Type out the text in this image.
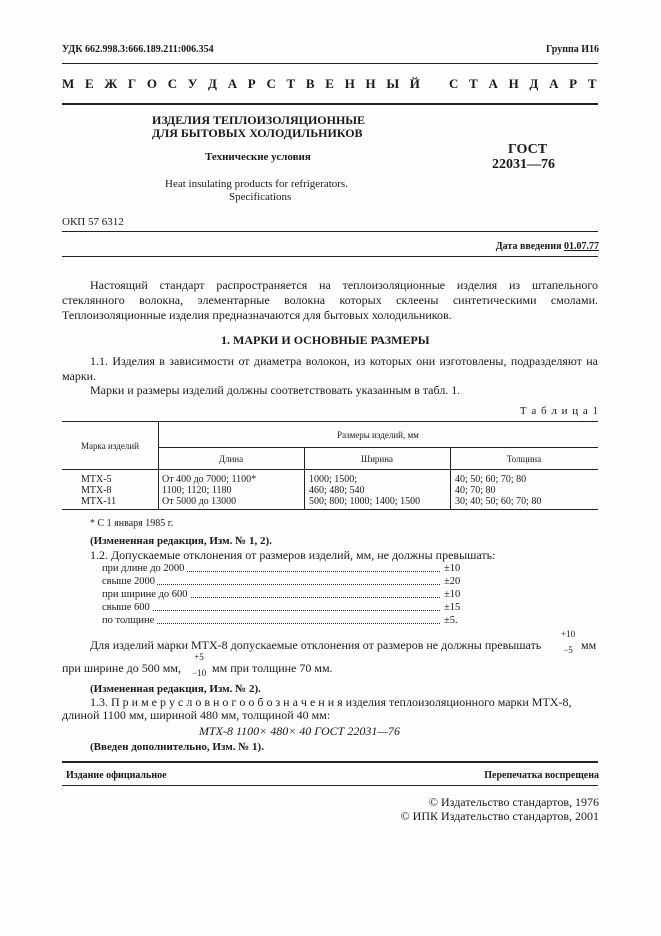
УДК 662.998.3:666.189.211:006.354	Группа И16
М Е Ж Г О С У Д А Р С Т В Е Н Н Ы Й   С Т А Н Д А Р Т
ИЗДЕЛИЯ ТЕПЛОИЗОЛЯЦИОННЫЕ
ДЛЯ БЫТОВЫХ ХОЛОДИЛЬНИКОВ
Технические условия
Heat insulating products for refrigerators.
Specifications
ГОСТ
22031—76
ОКП 57 6312
Дата введения 01.07.77
Настоящий стандарт распространяется на теплоизоляционные изделия из штапельного стеклянного волокна, элементарные волокна которых склеены синтетическими смолами. Теплоизоляционные изделия предназначаются для бытовых холодильников.
1. МАРКИ И ОСНОВНЫЕ РАЗМЕРЫ
1.1. Изделия в зависимости от диаметра волокон, из которых они изготовлены, подразделяют на марки.
Марки и размеры изделий должны соответствовать указанным в табл. 1.
Т а б л и ц а 1
Марка изделий
Размеры изделий, мм
Длина	Ширина	Толщина
МТХ-5	От 400 до 7000; 1100*	1000; 1500;	40; 50; 60; 70; 80
МТХ-8	1100; 1120; 1180	460; 480; 540	40; 70; 80
МТХ-11	От 5000 до 13000	500; 800; 1000; 1400; 1500	30; 40; 50; 60; 70; 80
* С 1 января 1985 г.
(Измененная редакция, Изм. № 1, 2).
1.2. Допускаемые отклонения от размеров изделий, мм, не должны превышать:
при длине до 2000	±10
свыше 2000	±20
при ширине до 600	±10
свыше 600	±15
по толщине	±5.
Для изделий марки МТХ-8 допускаемые отклонения от размеров не должны превышать
+10
−5 мм
при ширине до 500 мм,
+5
−10 мм при толщине 70 мм.
(Измененная редакция, Изм. № 2).
1.3. П р и м е р у с л о в н о г о о б о з н а ч е н и я изделия теплоизоляционного марки МТХ-8,
длиной 1100 мм, шириной 480 мм, толщиной 40 мм:
МТХ-8 1100× 480× 40 ГОСТ 22031—76
(Введен дополнительно, Изм. № 1).
Издание официальное	Перепечатка воспрещена
© Издательство стандартов, 1976
© ИПК Издательство стандартов, 2001
